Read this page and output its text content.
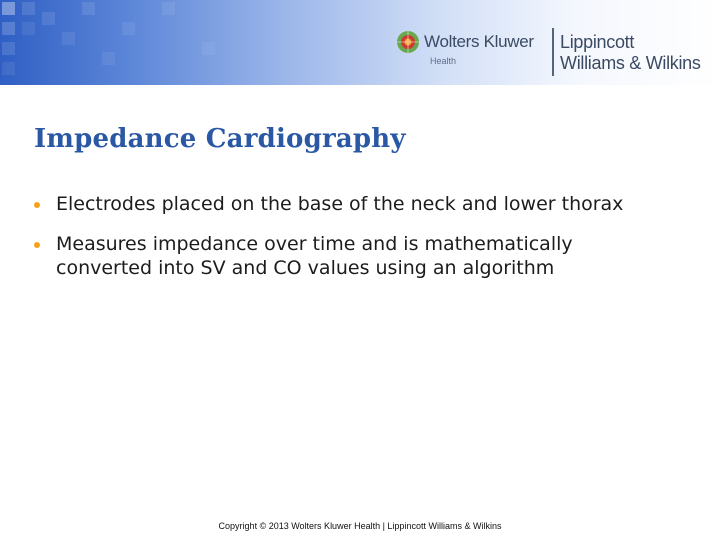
Wolters Kluwer
Health
Lippincott
Williams & Wilkins
Impedance Cardiography
Electrodes placed on the base of the neck and lower thorax
Measures impedance over time and is mathematically converted into SV and CO values using an algorithm
Copyright © 2013 Wolters Kluwer Health | Lippincott Williams & Wilkins
